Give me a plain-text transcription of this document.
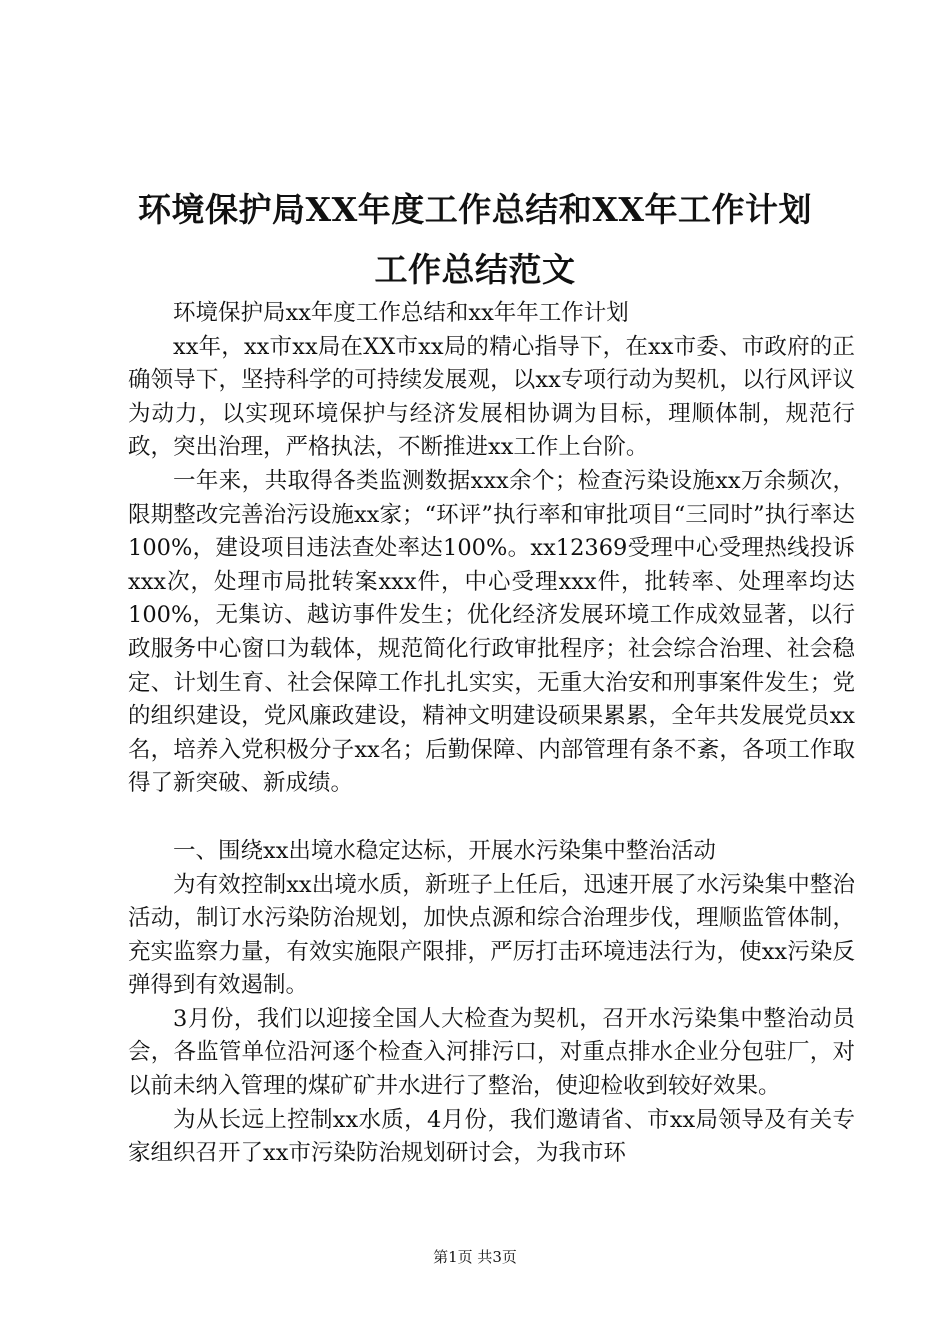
环境保护局XX年度工作总结和XX年工作计划
工作总结范文

环境保护局xx年度工作总结和xx年年工作计划

xx年，xx市xx局在XX市xx局的精心指导下，在xx市委、市政府的正确领导下，坚持科学的可持续发展观，以xx专项行动为契机，以行风评议为动力，以实现环境保护与经济发展相协调为目标，理顺体制，规范行政，突出治理，严格执法，不断推进xx工作上台阶。

一年来，共取得各类监测数据xxx余个；检查污染设施xx万余频次，限期整改完善治污设施xx家；“环评”执行率和审批项目“三同时”执行率达100%，建设项目违法查处率达100%。xx12369受理中心受理热线投诉xxx次，处理市局批转案xxx件，中心受理xxx件，批转率、处理率均达100%，无集访、越访事件发生；优化经济发展环境工作成效显著，以行政服务中心窗口为载体，规范简化行政审批程序；社会综合治理、社会稳定、计划生育、社会保障工作扎扎实实，无重大治安和刑事案件发生；党的组织建设，党风廉政建设，精神文明建设硕果累累，全年共发展党员xx名，培养入党积极分子xx名；后勤保障、内部管理有条不紊，各项工作取得了新突破、新成绩。

一、围绕xx出境水稳定达标，开展水污染集中整治活动

为有效控制xx出境水质，新班子上任后，迅速开展了水污染集中整治活动，制订水污染防治规划，加快点源和综合治理步伐，理顺监管体制，充实监察力量，有效实施限产限排，严厉打击环境违法行为，使xx污染反弹得到有效遏制。

3月份，我们以迎接全国人大检查为契机，召开水污染集中整治动员会，各监管单位沿河逐个检查入河排污口，对重点排水企业分包驻厂，对以前未纳入管理的煤矿矿井水进行了整治，使迎检收到较好效果。

为从长远上控制xx水质，4月份，我们邀请省、市xx局领导及有关专家组织召开了xx市污染防治规划研讨会，为我市环

第1页 共3页
